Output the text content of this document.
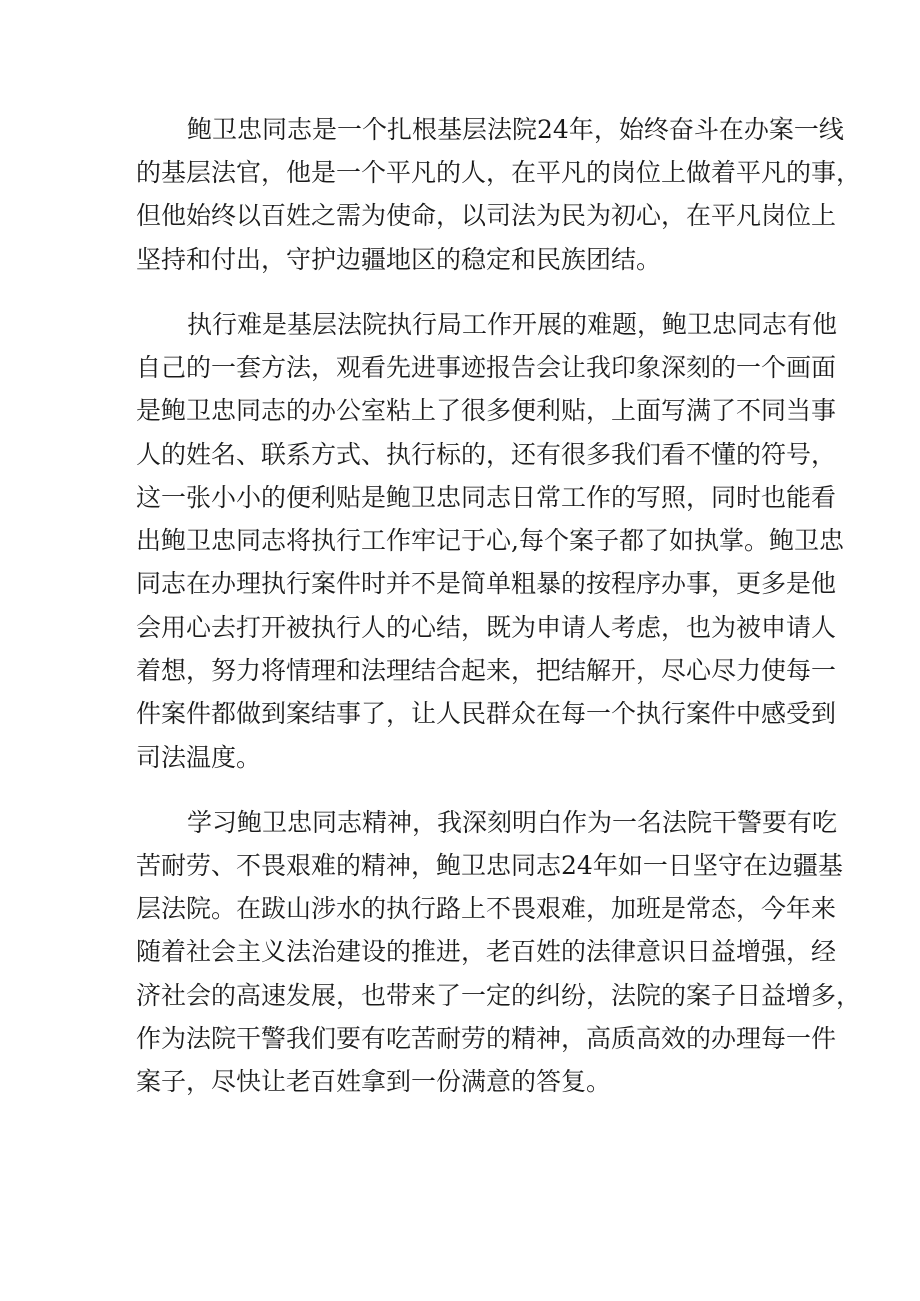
鲍卫忠同志是一个扎根基层法院24年，始终奋斗在办案一线
的基层法官，他是一个平凡的人，在平凡的岗位上做着平凡的事，
但他始终以百姓之需为使命，以司法为民为初心，在平凡岗位上
坚持和付出，守护边疆地区的稳定和民族团结。
执行难是基层法院执行局工作开展的难题，鲍卫忠同志有他
自己的一套方法，观看先进事迹报告会让我印象深刻的一个画面
是鲍卫忠同志的办公室粘上了很多便利贴，上面写满了不同当事
人的姓名、联系方式、执行标的，还有很多我们看不懂的符号，
这一张小小的便利贴是鲍卫忠同志日常工作的写照，同时也能看
出鲍卫忠同志将执行工作牢记于心,每个案子都了如执掌。鲍卫忠
同志在办理执行案件时并不是简单粗暴的按程序办事，更多是他
会用心去打开被执行人的心结，既为申请人考虑，也为被申请人
着想，努力将情理和法理结合起来，把结解开，尽心尽力使每一
件案件都做到案结事了，让人民群众在每一个执行案件中感受到
司法温度。
学习鲍卫忠同志精神，我深刻明白作为一名法院干警要有吃
苦耐劳、不畏艰难的精神，鲍卫忠同志24年如一日坚守在边疆基
层法院。在跋山涉水的执行路上不畏艰难，加班是常态，今年来
随着社会主义法治建设的推进，老百姓的法律意识日益增强，经
济社会的高速发展，也带来了一定的纠纷，法院的案子日益增多，
作为法院干警我们要有吃苦耐劳的精神，高质高效的办理每一件
案子，尽快让老百姓拿到一份满意的答复。
